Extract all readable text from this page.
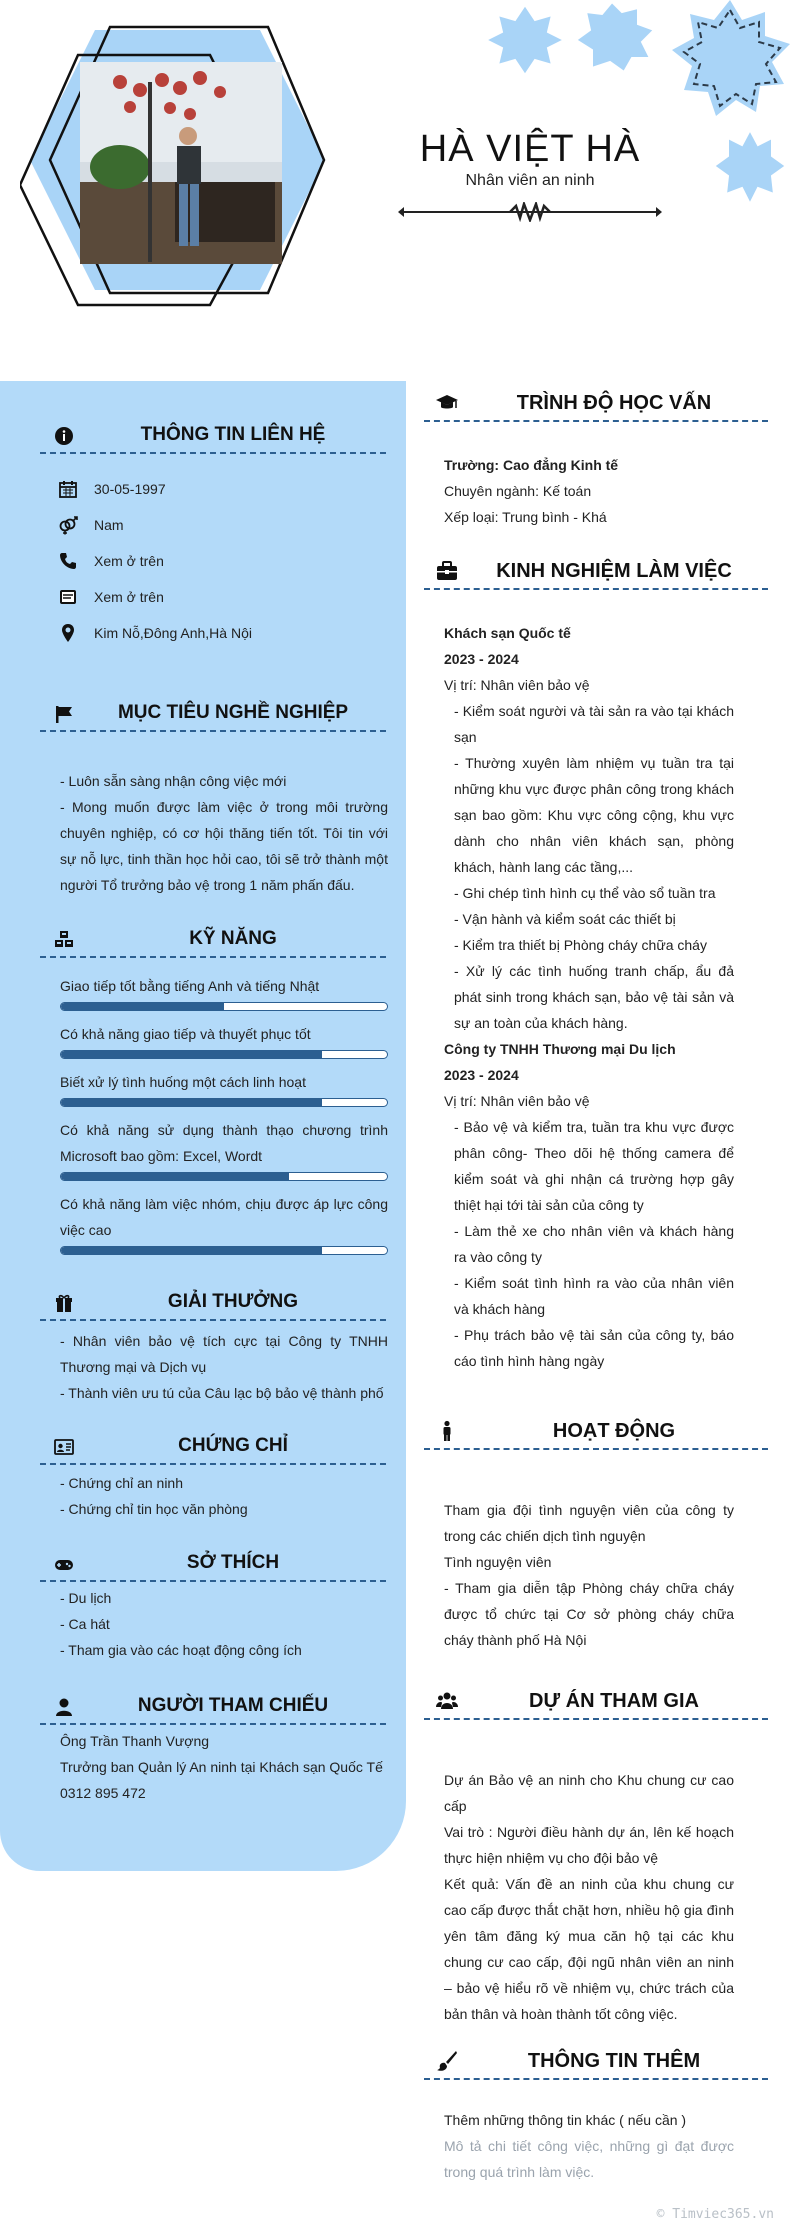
HÀ VIỆT HÀ
Nhân viên an ninh
THÔNG TIN LIÊN HỆ
30-05-1997
Nam
Xem ở trên
Xem ở trên
Kim Nỗ,Đông Anh,Hà Nội
MỤC TIÊU NGHỀ NGHIỆP
- Luôn sẵn sàng nhận công việc mới
- Mong muốn được làm việc ở trong môi trường chuyên nghiệp, có cơ hội thăng tiến tốt. Tôi tin với sự nỗ lực, tinh thần học hỏi cao, tôi sẽ trở thành một người Tổ trưởng bảo vệ trong 1 năm phấn đấu.
KỸ NĂNG
Giao tiếp tốt bằng tiếng Anh và tiếng Nhật
Có khả năng giao tiếp và thuyết phục tốt
Biết xử lý tình huống một cách linh hoạt
Có khả năng sử dụng thành thạo chương trình Microsoft bao gồm: Excel, Wordt
Có khả năng làm việc nhóm, chịu được áp lực công việc cao
GIẢI THƯỞNG
- Nhân viên bảo vệ tích cực tại Công ty TNHH Thương mại và Dịch vụ
- Thành viên ưu tú của Câu lạc bộ bảo vệ thành phố
CHỨNG CHỈ
- Chứng chỉ an ninh
- Chứng chỉ tin học văn phòng
SỞ THÍCH
- Du lịch
- Ca hát
- Tham gia vào các hoạt động công ích
NGƯỜI THAM CHIẾU
Ông Trần Thanh Vượng
Trưởng ban Quản lý An ninh tại Khách sạn Quốc Tế
0312 895 472
TRÌNH ĐỘ HỌC VẤN
Trường: Cao đẳng Kinh tế
Chuyên ngành: Kế toán
Xếp loại: Trung bình - Khá
KINH NGHIỆM LÀM VIỆC
Khách sạn Quốc tế
2023 - 2024
Vị trí: Nhân viên bảo vệ
- Kiểm soát người và tài sản ra vào tại khách sạn
- Thường xuyên làm nhiệm vụ tuần tra tại những khu vực được phân công trong khách sạn bao gồm: Khu vực công cộng, khu vực dành cho nhân viên khách sạn, phòng khách, hành lang các tầng,...
- Ghi chép tình hình cụ thể vào sổ tuần tra
- Vận hành và kiểm soát các thiết bị
- Kiểm tra thiết bị Phòng cháy chữa cháy
- Xử lý các tình huống tranh chấp, ẩu đả phát sinh trong khách sạn, bảo vệ tài sản và sự an toàn của khách hàng.
Công ty TNHH Thương mại Du lịch
2023 - 2024
Vị trí: Nhân viên bảo vệ
- Bảo vệ và kiểm tra, tuần tra khu vực được phân công- Theo dõi hệ thống camera để kiểm soát và ghi nhận cá trường hợp gây thiệt hại tới tài sản của công ty
- Làm thẻ xe cho nhân viên và khách hàng ra vào công ty
- Kiểm soát tình hình ra vào của nhân viên và khách hàng
- Phụ trách bảo vệ tài sản của công ty, báo cáo tình hình hàng ngày
HOẠT ĐỘNG
Tham gia đội tình nguyện viên của công ty trong các chiến dịch tình nguyện
Tình nguyện viên
- Tham gia diễn tập Phòng cháy chữa cháy được tổ chức tại Cơ sở phòng cháy chữa cháy thành phố Hà Nội
DỰ ÁN THAM GIA
Dự án Bảo vệ an ninh cho Khu chung cư cao cấp
Vai trò : Người điều hành dự án, lên kế hoạch thực hiện nhiệm vụ cho đội bảo vệ
Kết quả: Vấn đề an ninh của khu chung cư cao cấp được thắt chặt hơn, nhiều hộ gia đình yên tâm đăng ký mua căn hộ tại các khu chung cư cao cấp, đội ngũ nhân viên an ninh – bảo vệ hiểu rõ về nhiệm vụ, chức trách của bản thân và hoàn thành tốt công việc.
THÔNG TIN THÊM
Thêm những thông tin khác ( nếu cần )
Mô tả chi tiết công việc, những gì đạt được trong quá trình làm việc.
© Timviec365.vn
